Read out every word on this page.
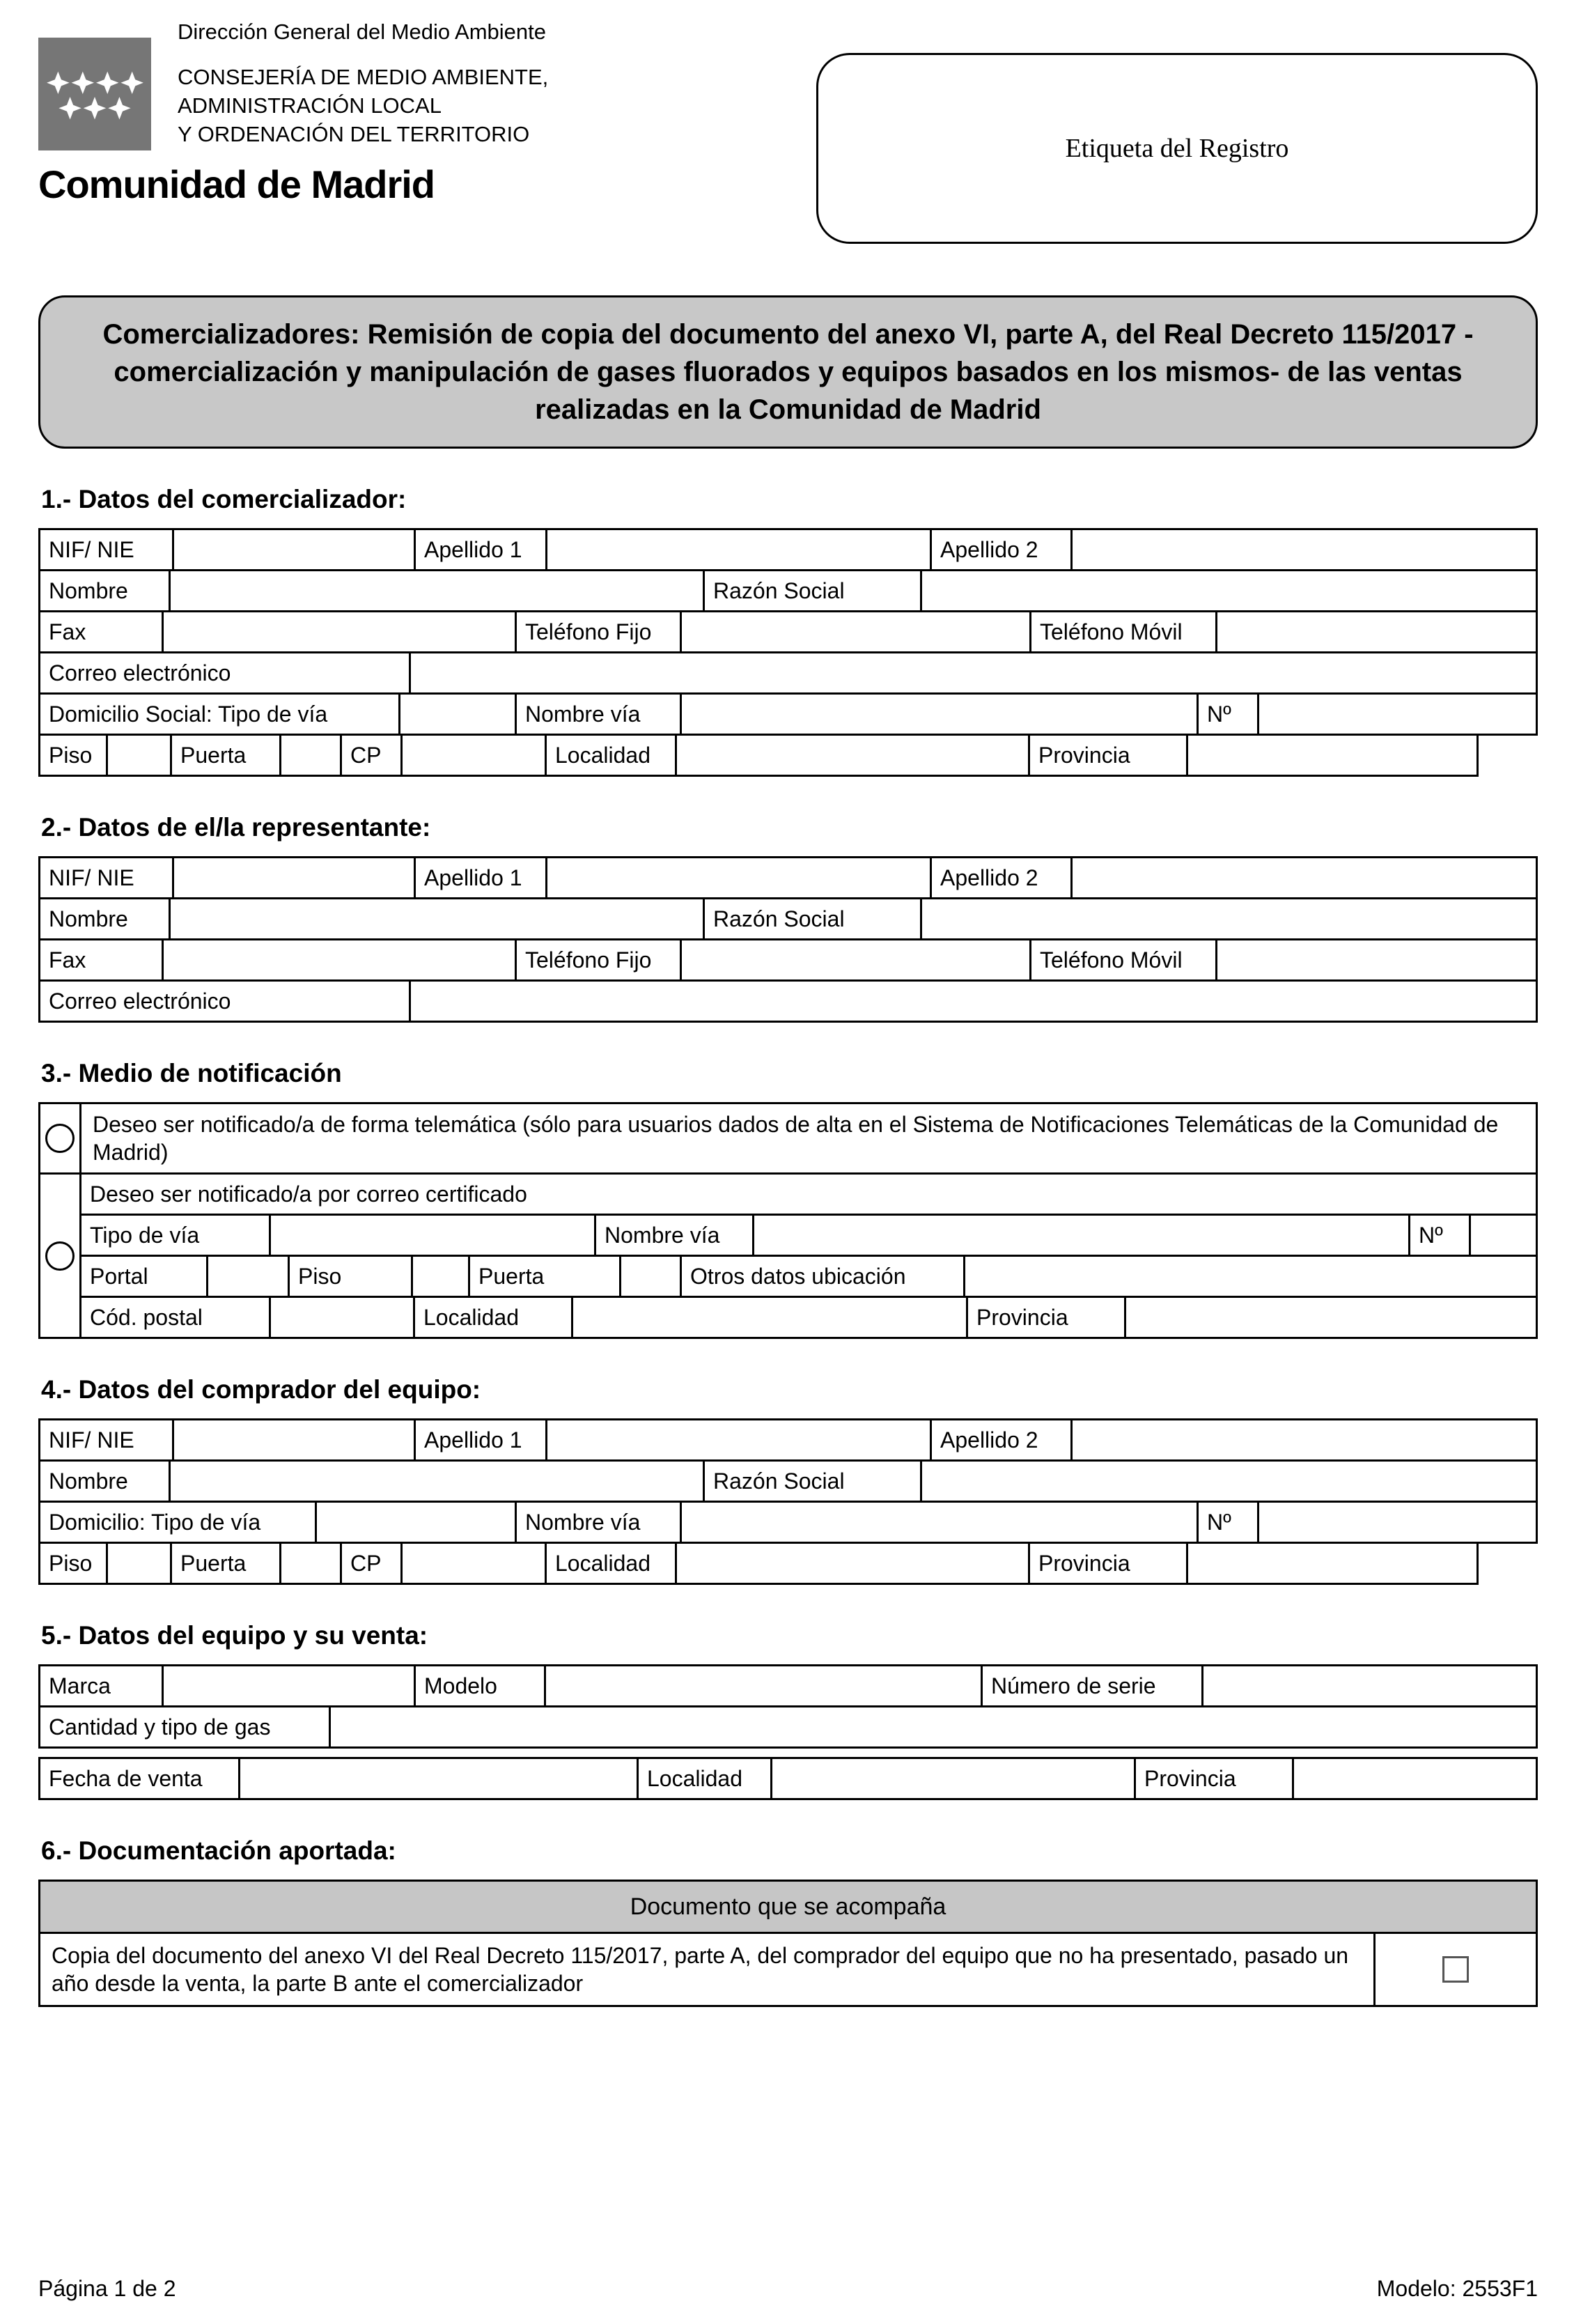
Dirección General del Medio Ambiente
CONSEJERÍA DE MEDIO AMBIENTE,
ADMINISTRACIÓN LOCAL
Y ORDENACIÓN DEL TERRITORIO
Comunidad de Madrid
Etiqueta del Registro
Comercializadores: Remisión de copia del documento del anexo VI, parte A, del Real Decreto 115/2017 - comercialización y manipulación de gases fluorados y equipos basados en los mismos- de las ventas realizadas en la Comunidad de Madrid
1.- Datos del comercializador:
NIF/ NIE	Apellido 1	Apellido 2
Nombre	Razón Social
Fax	Teléfono Fijo	Teléfono Móvil
Correo electrónico
Domicilio Social: Tipo de vía	Nombre vía	Nº
Piso	Puerta	CP	Localidad	Provincia
2.- Datos de el/la representante:
NIF/ NIE	Apellido 1	Apellido 2
Nombre	Razón Social
Fax	Teléfono Fijo	Teléfono Móvil
Correo electrónico
3.- Medio de notificación
Deseo ser notificado/a de forma telemática (sólo para usuarios dados de alta en el Sistema de Notificaciones Telemáticas de la Comunidad de Madrid)
Deseo ser notificado/a por correo certificado
Tipo de vía	Nombre vía	Nº
Portal	Piso	Puerta	Otros datos ubicación
Cód. postal	Localidad	Provincia
4.- Datos del comprador del equipo:
NIF/ NIE	Apellido 1	Apellido 2
Nombre	Razón Social
Domicilio: Tipo de vía	Nombre vía	Nº
Piso	Puerta	CP	Localidad	Provincia
5.- Datos del equipo y su venta:
Marca	Modelo	Número de serie
Cantidad y tipo de gas
Fecha de venta	Localidad	Provincia
6.- Documentación aportada:
Documento que se acompaña
Copia del documento del anexo VI del Real Decreto 115/2017, parte A, del comprador del equipo que no ha presentado, pasado un año desde la venta, la parte B ante el comercializador
Página 1 de 2	Modelo: 2553F1
